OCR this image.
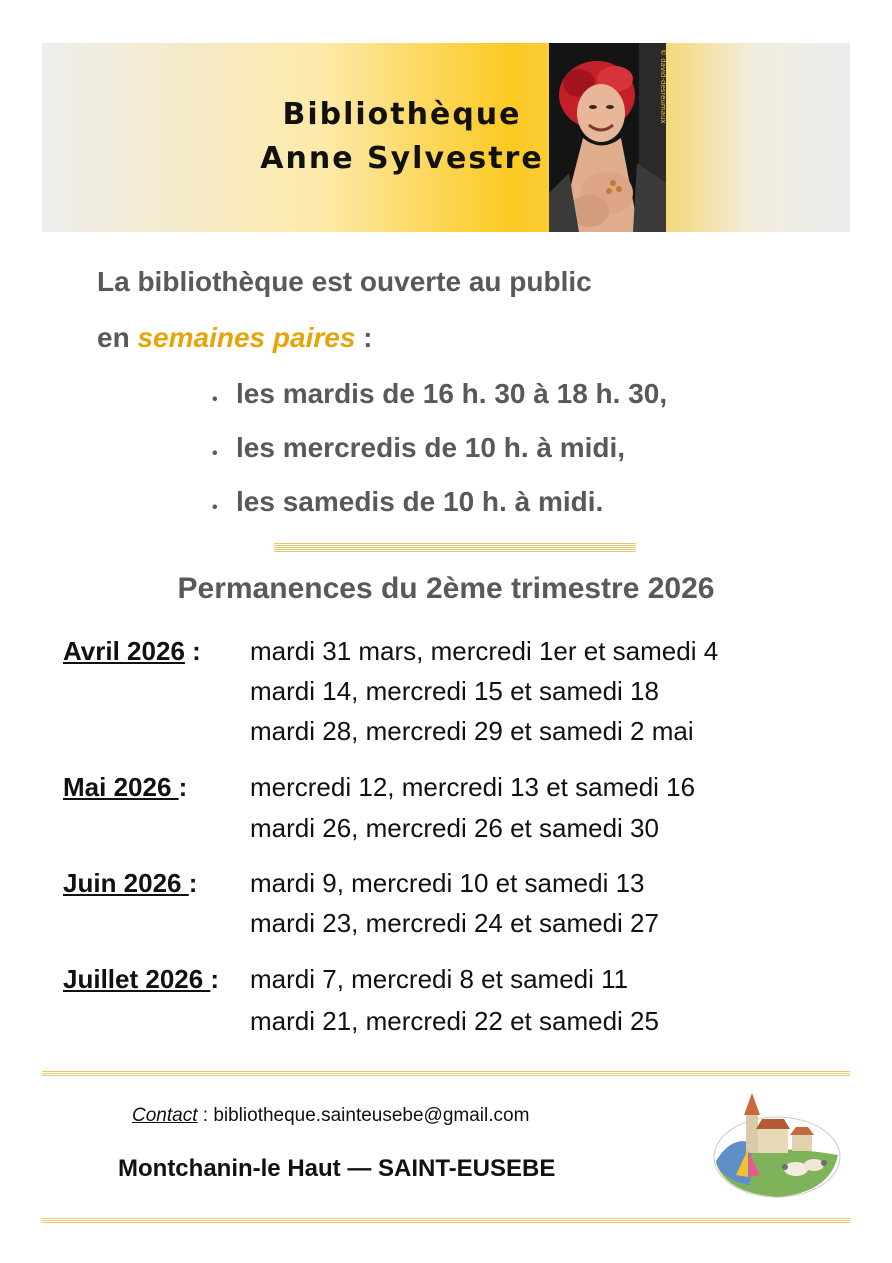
Bibliothèque
Anne Sylvestre
© david-desreumaux
La bibliothèque est ouverte au public
en semaines paires :
• les mardis de 16 h. 30 à 18 h. 30,
• les mercredis de 10 h. à midi,
• les samedis de 10 h. à midi.
Permanences du 2ème trimestre 2026
Avril 2026 : mardi 31 mars, mercredi 1er et samedi 4
mardi 14, mercredi 15 et samedi 18
mardi 28, mercredi 29 et samedi 2 mai
Mai 2026 : mercredi 12, mercredi 13 et samedi 16
mardi 26, mercredi 26 et samedi 30
Juin 2026 : mardi 9, mercredi 10 et samedi 13
mardi 23, mercredi 24 et samedi 27
Juillet 2026 : mardi 7, mercredi 8 et samedi 11
mardi 21, mercredi 22 et samedi 25
Contact : bibliotheque.sainteusebe@gmail.com
Montchanin-le Haut — SAINT-EUSEBE
